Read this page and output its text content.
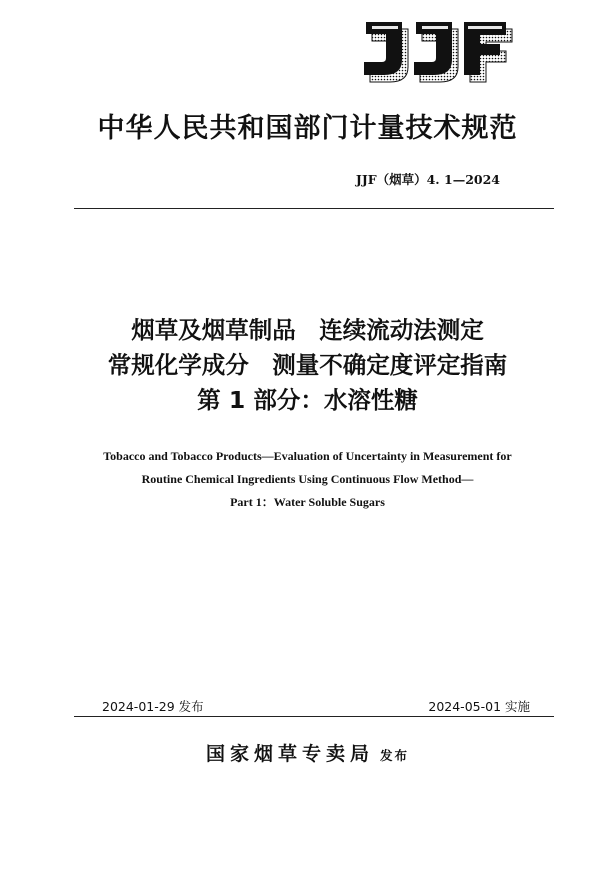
中华人民共和国部门计量技术规范
JJF（烟草）4. 1—2024
烟草及烟草制品　连续流动法测定
常规化学成分　测量不确定度评定指南
第 1 部分：水溶性糖
Tobacco and Tobacco Products—Evaluation of Uncertainty in Measurement for
Routine Chemical Ingredients Using Continuous Flow Method—
Part 1：Water Soluble Sugars
2024-01-29 发布	2024-05-01 实施
国家烟草专卖局 发布
